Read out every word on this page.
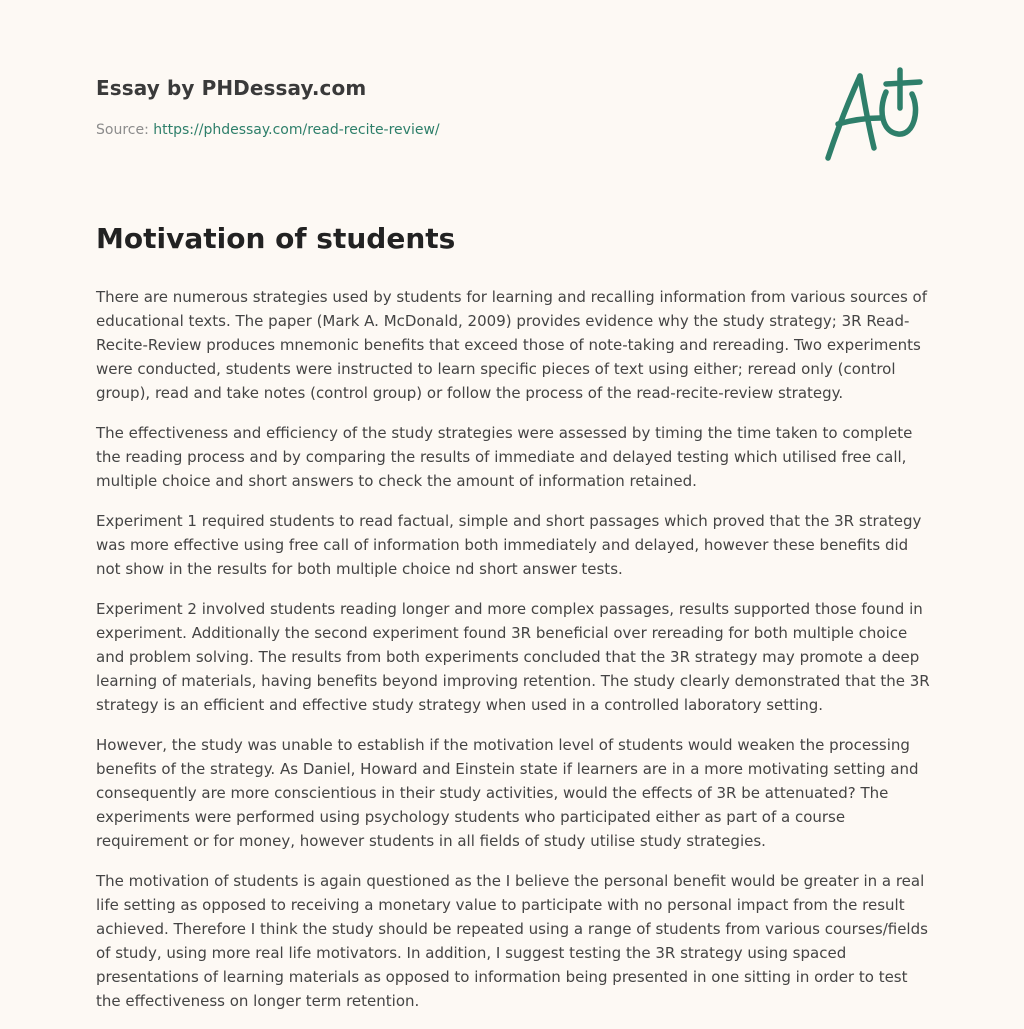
Essay by PHDessay.com
Source: https://phdessay.com/read-recite-review/
Motivation of students

There are numerous strategies used by students for learning and recalling information from various sources of educational texts. The paper (Mark A. McDonald, 2009) provides evidence why the study strategy; 3R Read-Recite-Review produces mnemonic benefits that exceed those of note-taking and rereading. Two experiments were conducted, students were instructed to learn specific pieces of text using either; reread only (control group), read and take notes (control group) or follow the process of the read-recite-review strategy.

The effectiveness and efficiency of the study strategies were assessed by timing the time taken to complete the reading process and by comparing the results of immediate and delayed testing which utilised free call, multiple choice and short answers to check the amount of information retained.

Experiment 1 required students to read factual, simple and short passages which proved that the 3R strategy was more effective using free call of information both immediately and delayed, however these benefits did not show in the results for both multiple choice nd short answer tests.

Experiment 2 involved students reading longer and more complex passages, results supported those found in experiment. Additionally the second experiment found 3R beneficial over rereading for both multiple choice and problem solving. The results from both experiments concluded that the 3R strategy may promote a deep learning of materials, having benefits beyond improving retention. The study clearly demonstrated that the 3R strategy is an efficient and effective study strategy when used in a controlled laboratory setting.

However, the study was unable to establish if the motivation level of students would weaken the processing benefits of the strategy. As Daniel, Howard and Einstein state if learners are in a more motivating setting and consequently are more conscientious in their study activities, would the effects of 3R be attenuated? The experiments were performed using psychology students who participated either as part of a course requirement or for money, however students in all fields of study utilise study strategies.

The motivation of students is again questioned as the I believe the personal benefit would be greater in a real life setting as opposed to receiving a monetary value to participate with no personal impact from the result achieved. Therefore I think the study should be repeated using a range of students from various courses/fields of study, using more real life motivators. In addition, I suggest testing the 3R strategy using spaced presentations of learning materials as opposed to information being presented in one sitting in order to test the effectiveness on longer term retention.
